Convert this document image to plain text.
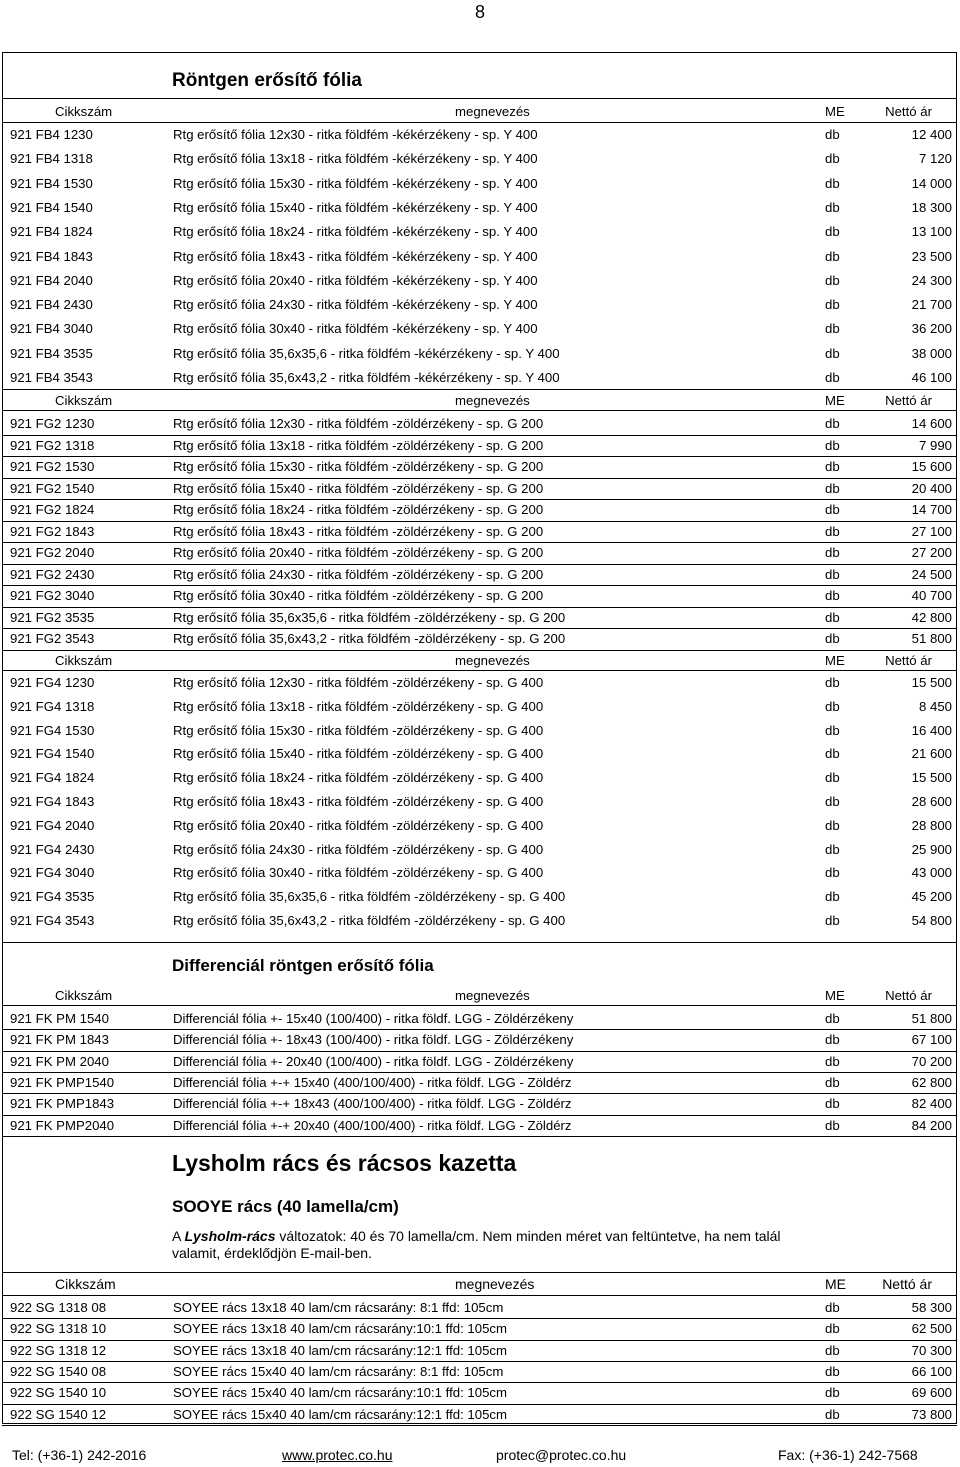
8
Röntgen erősítő fólia
Cikkszám	megnevezés	ME	Nettó ár
921 FB4 1230	Rtg erősítő fólia 12x30 - ritka földfém -kékérzékeny - sp. Y 400	db	12 400
921 FB4 1318	Rtg erősítő fólia 13x18 - ritka földfém -kékérzékeny - sp. Y 400	db	7 120
921 FB4 1530	Rtg erősítő fólia 15x30 - ritka földfém -kékérzékeny - sp. Y 400	db	14 000
921 FB4 1540	Rtg erősítő fólia 15x40 - ritka földfém -kékérzékeny - sp. Y 400	db	18 300
921 FB4 1824	Rtg erősítő fólia 18x24 - ritka földfém -kékérzékeny - sp. Y 400	db	13 100
921 FB4 1843	Rtg erősítő fólia 18x43 - ritka földfém -kékérzékeny - sp. Y 400	db	23 500
921 FB4 2040	Rtg erősítő fólia 20x40 - ritka földfém -kékérzékeny - sp. Y 400	db	24 300
921 FB4 2430	Rtg erősítő fólia 24x30 - ritka földfém -kékérzékeny - sp. Y 400	db	21 700
921 FB4 3040	Rtg erősítő fólia 30x40 - ritka földfém -kékérzékeny - sp. Y 400	db	36 200
921 FB4 3535	Rtg erősítő fólia 35,6x35,6 - ritka földfém -kékérzékeny - sp. Y 400	db	38 000
921 FB4 3543	Rtg erősítő fólia 35,6x43,2 - ritka földfém -kékérzékeny - sp. Y 400	db	46 100
Cikkszám	megnevezés	ME	Nettó ár
921 FG2 1230	Rtg erősítő fólia 12x30 - ritka földfém -zöldérzékeny - sp. G 200	db	14 600
921 FG2 1318	Rtg erősítő fólia 13x18 - ritka földfém -zöldérzékeny - sp. G 200	db	7 990
921 FG2 1530	Rtg erősítő fólia 15x30 - ritka földfém -zöldérzékeny - sp. G 200	db	15 600
921 FG2 1540	Rtg erősítő fólia 15x40 - ritka földfém -zöldérzékeny - sp. G 200	db	20 400
921 FG2 1824	Rtg erősítő fólia 18x24 - ritka földfém -zöldérzékeny - sp. G 200	db	14 700
921 FG2 1843	Rtg erősítő fólia 18x43 - ritka földfém -zöldérzékeny - sp. G 200	db	27 100
921 FG2 2040	Rtg erősítő fólia 20x40 - ritka földfém -zöldérzékeny - sp. G 200	db	27 200
921 FG2 2430	Rtg erősítő fólia 24x30 - ritka földfém -zöldérzékeny - sp. G 200	db	24 500
921 FG2 3040	Rtg erősítő fólia 30x40 - ritka földfém -zöldérzékeny - sp. G 200	db	40 700
921 FG2 3535	Rtg erősítő fólia 35,6x35,6 - ritka földfém -zöldérzékeny - sp. G 200	db	42 800
921 FG2 3543	Rtg erősítő fólia 35,6x43,2 - ritka földfém -zöldérzékeny - sp. G 200	db	51 800
Cikkszám	megnevezés	ME	Nettó ár
921 FG4 1230	Rtg erősítő fólia 12x30 - ritka földfém -zöldérzékeny - sp. G 400	db	15 500
921 FG4 1318	Rtg erősítő fólia 13x18 - ritka földfém -zöldérzékeny - sp. G 400	db	8 450
921 FG4 1530	Rtg erősítő fólia 15x30 - ritka földfém -zöldérzékeny - sp. G 400	db	16 400
921 FG4 1540	Rtg erősítő fólia 15x40 - ritka földfém -zöldérzékeny - sp. G 400	db	21 600
921 FG4 1824	Rtg erősítő fólia 18x24 - ritka földfém -zöldérzékeny - sp. G 400	db	15 500
921 FG4 1843	Rtg erősítő fólia 18x43 - ritka földfém -zöldérzékeny - sp. G 400	db	28 600
921 FG4 2040	Rtg erősítő fólia 20x40 - ritka földfém -zöldérzékeny - sp. G 400	db	28 800
921 FG4 2430	Rtg erősítő fólia 24x30 - ritka földfém -zöldérzékeny - sp. G 400	db	25 900
921 FG4 3040	Rtg erősítő fólia 30x40 - ritka földfém -zöldérzékeny - sp. G 400	db	43 000
921 FG4 3535	Rtg erősítő fólia 35,6x35,6 - ritka földfém -zöldérzékeny - sp. G 400	db	45 200
921 FG4 3543	Rtg erősítő fólia 35,6x43,2 - ritka földfém -zöldérzékeny - sp. G 400	db	54 800
Differenciál röntgen erősítő fólia
Cikkszám	megnevezés	ME	Nettó ár
921 FK PM 1540	Differenciál fólia +- 15x40 (100/400) - ritka földf. LGG - Zöldérzékeny	db	51 800
921 FK PM 1843	Differenciál fólia +- 18x43 (100/400) - ritka földf. LGG - Zöldérzékeny	db	67 100
921 FK PM 2040	Differenciál fólia +- 20x40 (100/400) - ritka földf. LGG - Zöldérzékeny	db	70 200
921 FK PMP1540	Differenciál fólia +-+ 15x40 (400/100/400) - ritka földf. LGG - Zöldérz	db	62 800
921 FK PMP1843	Differenciál fólia +-+ 18x43 (400/100/400) - ritka földf. LGG - Zöldérz	db	82 400
921 FK PMP2040	Differenciál fólia +-+ 20x40 (400/100/400) - ritka földf. LGG - Zöldérz	db	84 200
Lysholm rács és rácsos kazetta
SOOYE rács (40 lamella/cm)
A Lysholm-rács változatok: 40 és 70 lamella/cm. Nem minden méret van feltüntetve, ha nem talál valamit, érdeklődjön E-mail-ben.
Cikkszám	megnevezés	ME	Nettó ár
922 SG 1318 08	SOYEE rács 13x18 40 lam/cm rácsarány: 8:1 ffd: 105cm	db	58 300
922 SG 1318 10	SOYEE rács 13x18 40 lam/cm rácsarány:10:1 ffd: 105cm	db	62 500
922 SG 1318 12	SOYEE rács 13x18 40 lam/cm rácsarány:12:1 ffd: 105cm	db	70 300
922 SG 1540 08	SOYEE rács 15x40 40 lam/cm rácsarány: 8:1 ffd: 105cm	db	66 100
922 SG 1540 10	SOYEE rács 15x40 40 lam/cm rácsarány:10:1 ffd: 105cm	db	69 600
922 SG 1540 12	SOYEE rács 15x40 40 lam/cm rácsarány:12:1 ffd: 105cm	db	73 800
Tel: (+36-1) 242-2016	www.protec.co.hu	protec@protec.co.hu	Fax: (+36-1) 242-7568
